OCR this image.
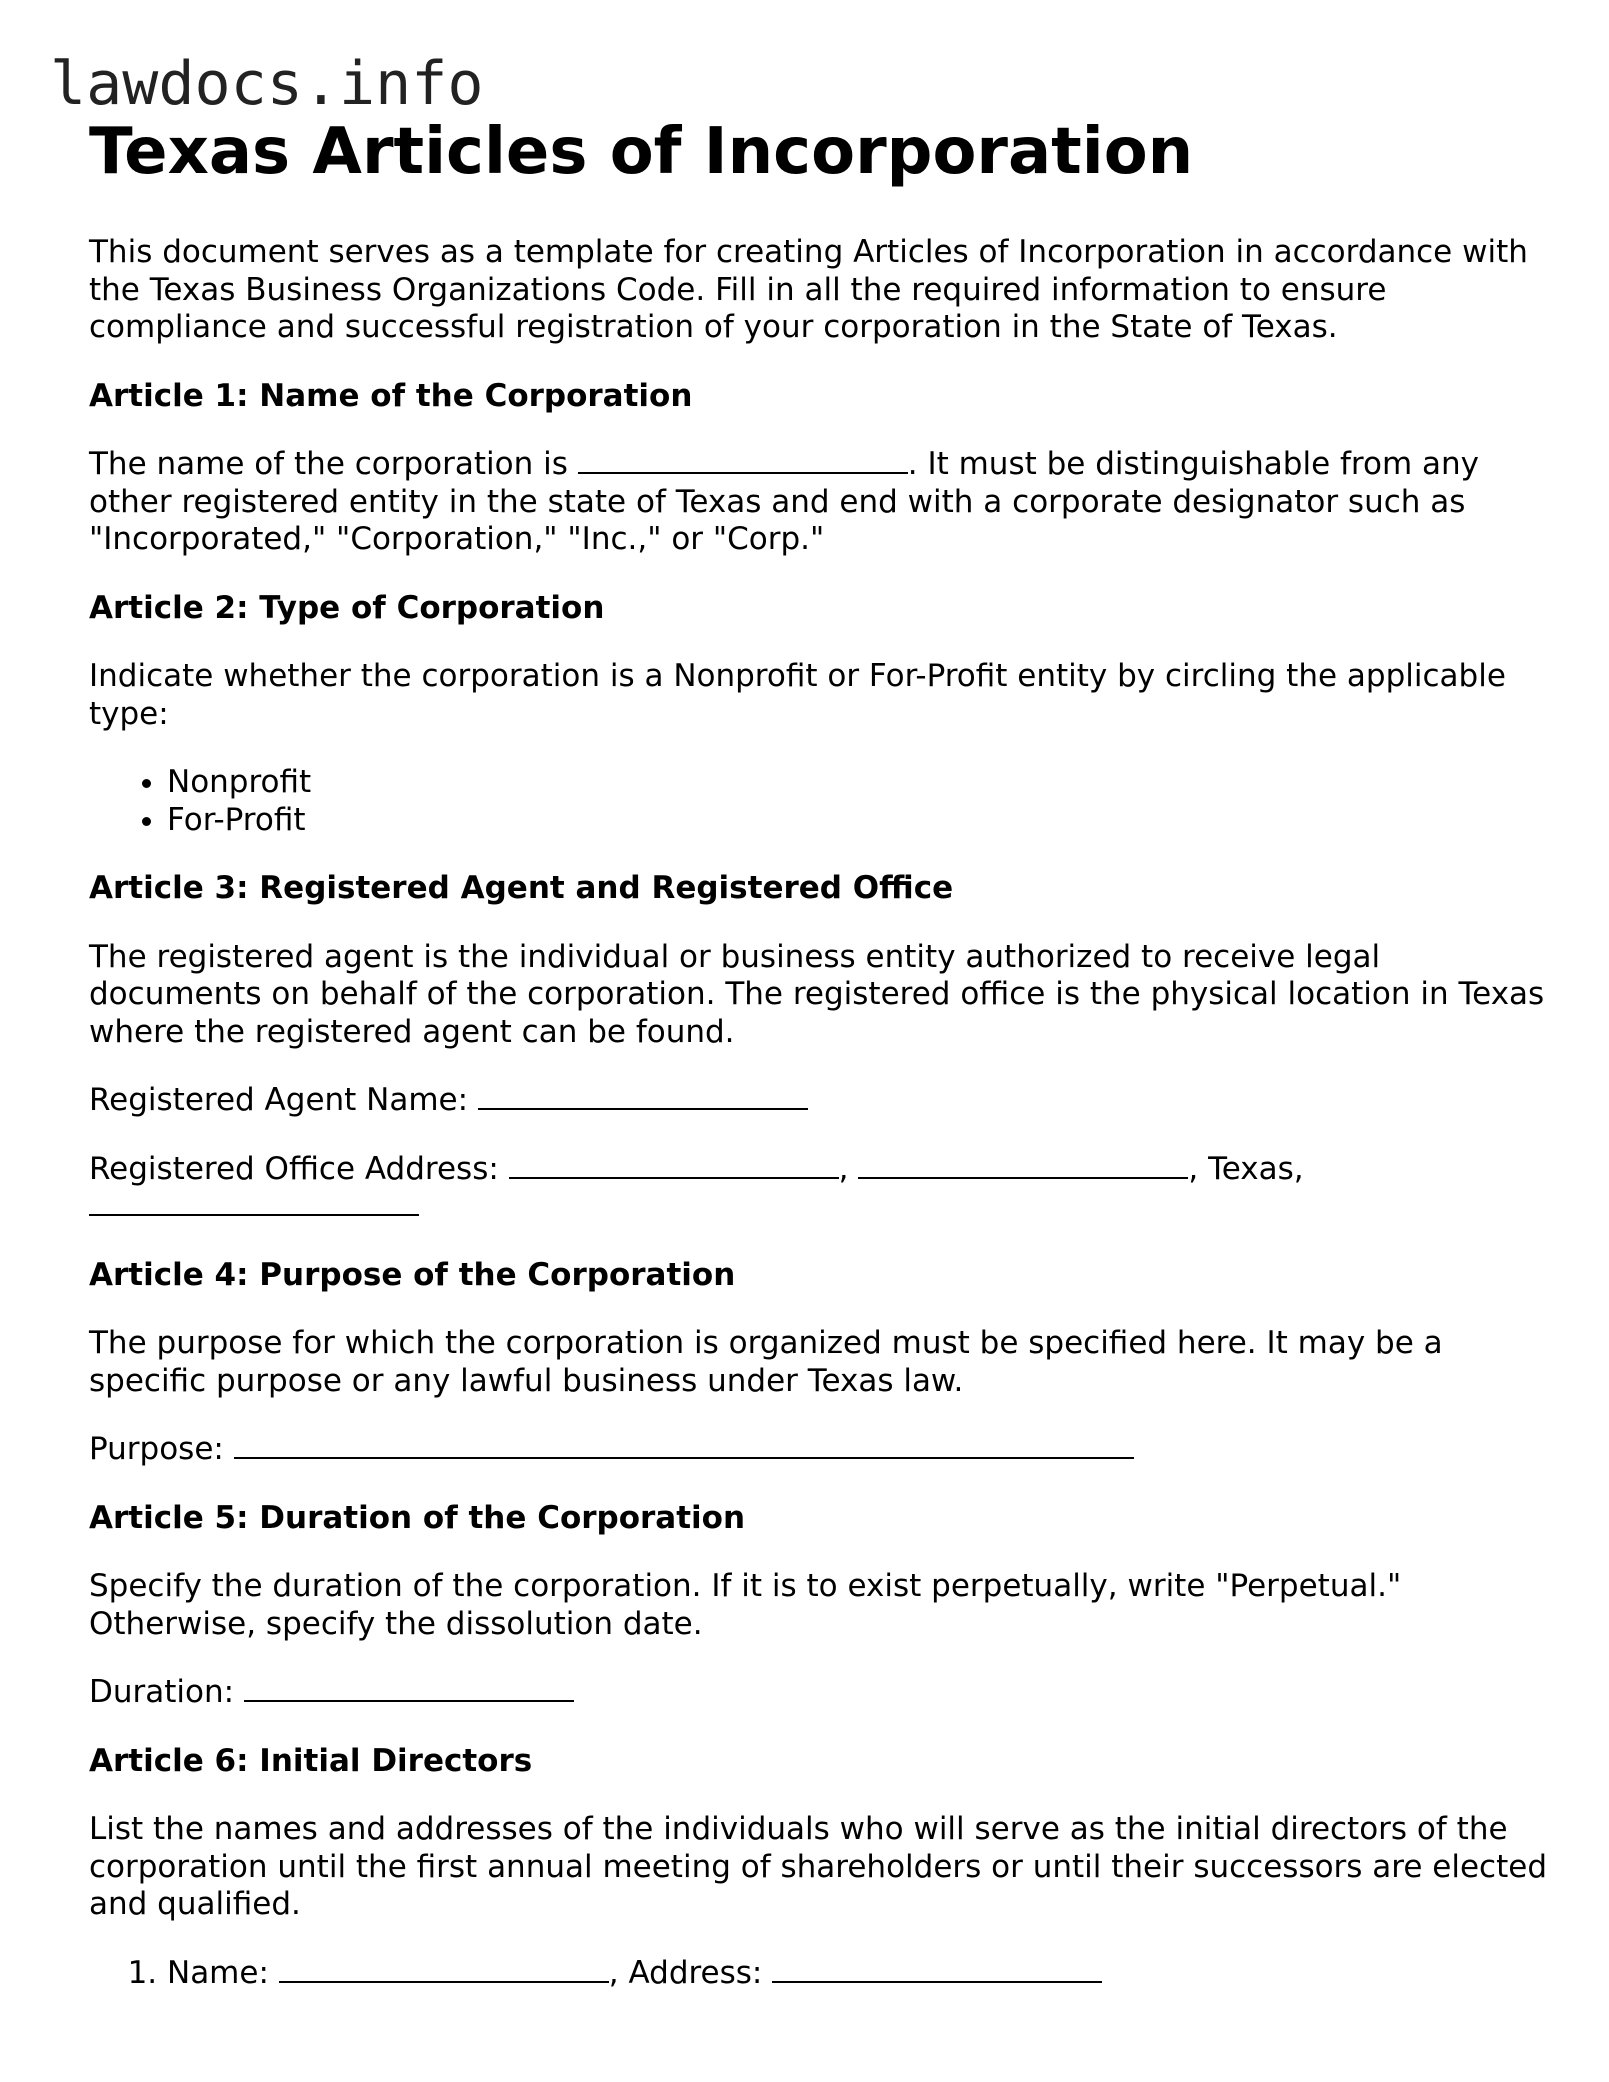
lawdocs.info
Texas Articles of Incorporation

This document serves as a template for creating Articles of Incorporation in accordance with the Texas Business Organizations Code. Fill in all the required information to ensure compliance and successful registration of your corporation in the State of Texas.

Article 1: Name of the Corporation

The name of the corporation is	. It must be distinguishable from any other registered entity in the state of Texas and end with a corporate designator such as "Incorporated," "Corporation," "Inc.," or "Corp."

Article 2: Type of Corporation

Indicate whether the corporation is a Nonprofit or For-Profit entity by circling the applicable type:

• Nonprofit
• For-Profit
Article 3: Registered Agent and Registered Office

The registered agent is the individual or business entity authorized to receive legal documents on behalf of the corporation. The registered office is the physical location in Texas where the registered agent can be found.

Registered Agent Name:

Registered Office Address:	,	, Texas,

Article 4: Purpose of the Corporation

The purpose for which the corporation is organized must be specified here. It may be a specific purpose or any lawful business under Texas law.

Purpose:

Article 5: Duration of the Corporation

Specify the duration of the corporation. If it is to exist perpetually, write "Perpetual." Otherwise, specify the dissolution date.

Duration:

Article 6: Initial Directors

List the names and addresses of the individuals who will serve as the initial directors of the corporation until the first annual meeting of shareholders or until their successors are elected and qualified.

1. Name:	, Address:
